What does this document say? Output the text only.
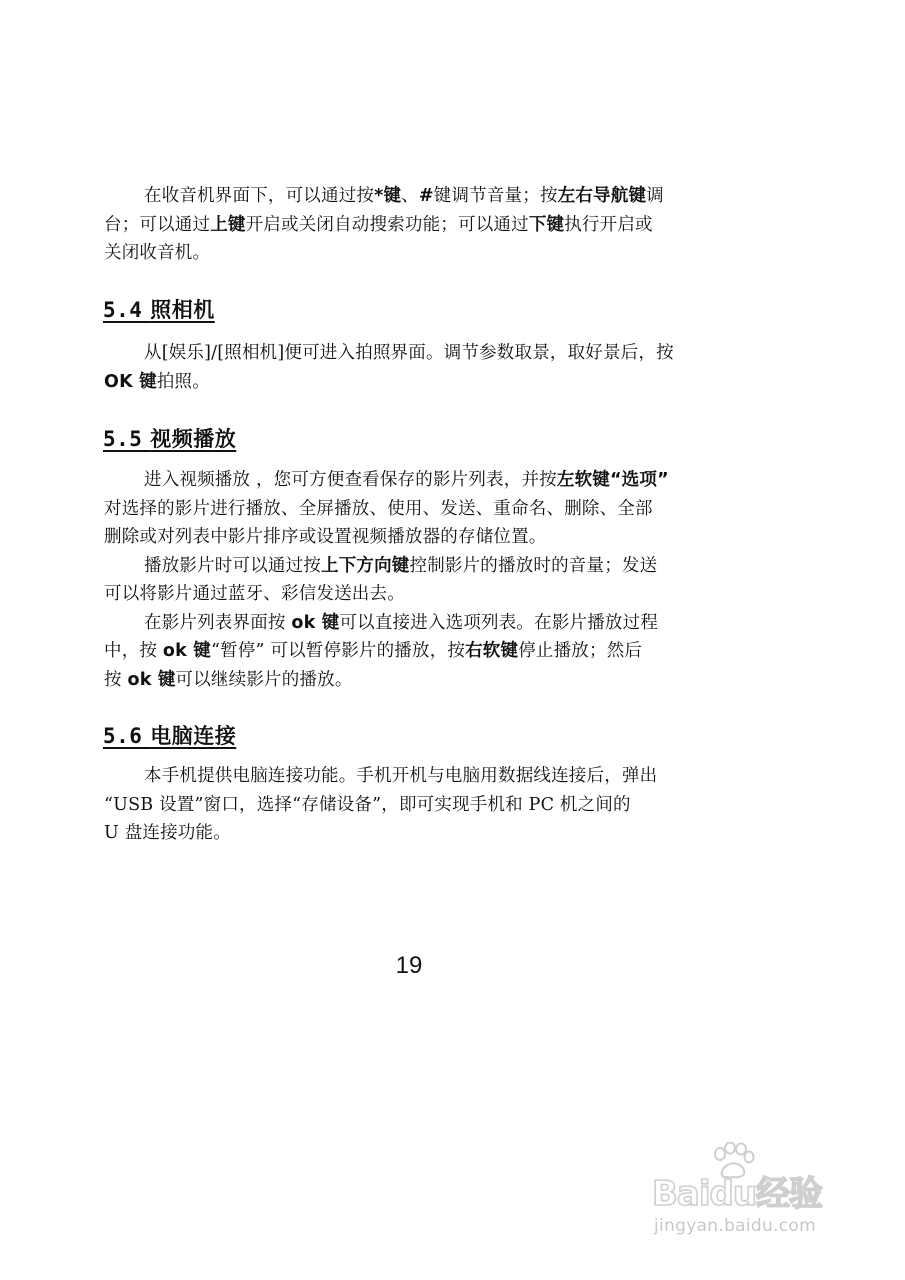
在收音机界面下，可以通过按*键、#键调节音量；按左右导航键调
台；可以通过上键开启或关闭自动搜索功能；可以通过下键执行开启或
关闭收音机。
5.4 照相机
从[娱乐]/[照相机]便可进入拍照界面。调节参数取景，取好景后，按
OK 键拍照。
5.5 视频播放
进入视频播放 ，您可方便查看保存的影片列表，并按左软键“选项”
对选择的影片进行播放、全屏播放、使用、发送、重命名、删除、全部
删除或对列表中影片排序或设置视频播放器的存储位置。
播放影片时可以通过按上下方向键控制影片的播放时的音量；发送
可以将影片通过蓝牙、彩信发送出去。
在影片列表界面按 ok 键可以直接进入选项列表。在影片播放过程
中，按 ok 键“暂停” 可以暂停影片的播放，按右软键停止播放；然后
按 ok 键可以继续影片的播放。
5.6 电脑连接
本手机提供电脑连接功能。手机开机与电脑用数据线连接后，弹出
“USB 设置”窗口，选择“存储设备”，即可实现手机和 PC 机之间的
U 盘连接功能。
19
Baidu经验
jingyan.baidu.com
